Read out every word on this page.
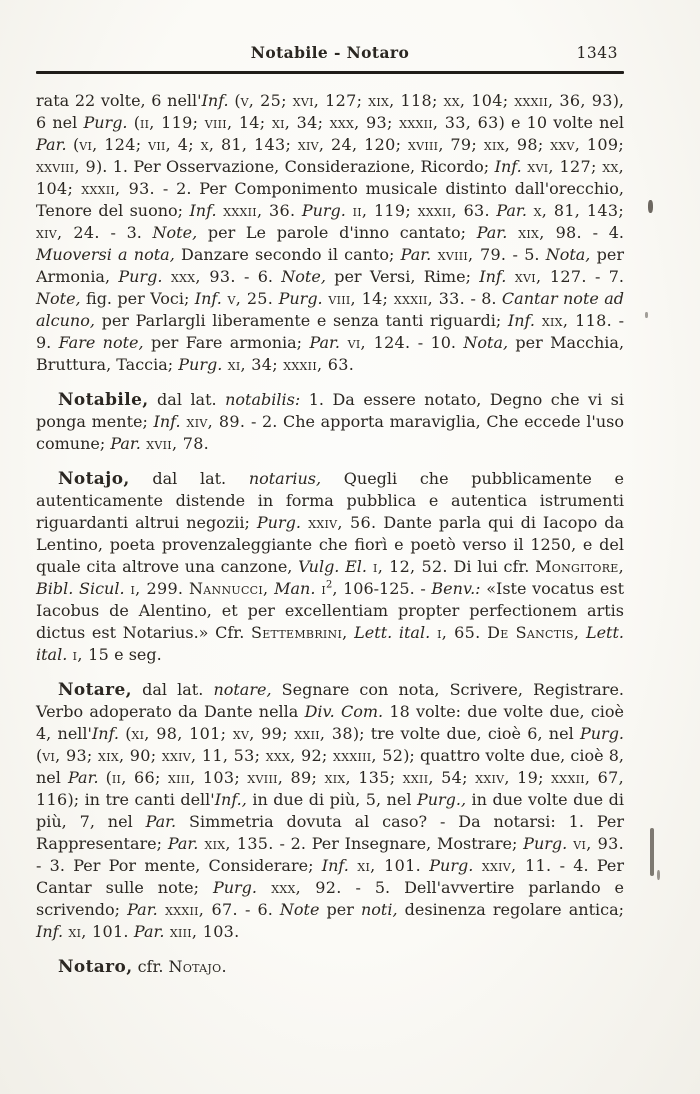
Notabile - Notaro	1343

rata 22 volte, 6 nell'Inf. (v, 25; xvi, 127; xix, 118; xx, 104; xxxii, 36, 93), 6 nel Purg. (ii, 119; viii, 14; xi, 34; xxx, 93; xxxii, 33, 63) e 10 volte nel Par. (vi, 124; vii, 4; x, 81, 143; xiv, 24, 120; xviii, 79; xix, 98; xxv, 109; xxviii, 9). 1. Per Osservazione, Considerazione, Ricordo; Inf. xvi, 127; xx, 104; xxxii, 93. - 2. Per Componimento musicale distinto dall'orecchio, Tenore del suono; Inf. xxxii, 36. Purg. ii, 119; xxxii, 63. Par. x, 81, 143; xiv, 24. - 3. Note, per Le parole d'inno cantato; Par. xix, 98. - 4. Muoversi a nota, Danzare secondo il canto; Par. xviii, 79. - 5. Nota, per Armonia, Purg. xxx, 93. - 6. Note, per Versi, Rime; Inf. xvi, 127. - 7. Note, fig. per Voci; Inf. v, 25. Purg. viii, 14; xxxii, 33. - 8. Cantar note ad alcuno, per Parlargli liberamente e senza tanti riguardi; Inf. xix, 118. - 9. Fare note, per Fare armonia; Par. vi, 124. - 10. Nota, per Macchia, Bruttura, Taccia; Purg. xi, 34; xxxii, 63.

Notabile, dal lat. notabilis: 1. Da essere notato, Degno che vi si ponga mente; Inf. xiv, 89. - 2. Che apporta maraviglia, Che eccede l'uso comune; Par. xvii, 78.

Notajo, dal lat. notarius, Quegli che pubblicamente e autenticamente distende in forma pubblica e autentica istrumenti riguardanti altrui negozii; Purg. xxiv, 56. Dante parla qui di Iacopo da Lentino, poeta provenzaleggiante che fiorì e poetò verso il 1250, e del quale cita altrove una canzone, Vulg. El. i, 12, 52. Di lui cfr. Mongitore, Bibl. Sicul. i, 299. Nannucci, Man. $i^2$, 106-125. - Benv.: «Iste vocatus est Iacobus de Alentino, et per excellentiam propter perfectionem artis dictus est Notarius.» Cfr. Settembrini, Lett. ital. i, 65. De Sanctis, Lett. ital. i, 15 e seg.

Notare, dal lat. notare, Segnare con nota, Scrivere, Registrare. Verbo adoperato da Dante nella Div. Com. 18 volte: due volte due, cioè 4, nell'Inf. (xi, 98, 101; xv, 99; xxii, 38); tre volte due, cioè 6, nel Purg. (vi, 93; xix, 90; xxiv, 11, 53; xxx, 92; xxxiii, 52); quattro volte due, cioè 8, nel Par. (ii, 66; xiii, 103; xviii, 89; xix, 135; xxii, 54; xxiv, 19; xxxii, 67, 116); in tre canti dell'Inf., in due di più, 5, nel Purg., in due volte due di più, 7, nel Par. Simmetria dovuta al caso? - Da notarsi: 1. Per Rappresentare; Par. xix, 135. - 2. Per Insegnare, Mostrare; Purg. vi, 93. - 3. Per Por mente, Considerare; Inf. xi, 101. Purg. xxiv, 11. - 4. Per Cantar sulle note; Purg. xxx, 92. - 5. Dell'avvertire parlando e scrivendo; Par. xxxii, 67. - 6. Note per noti, desinenza regolare antica; Inf. xi, 101. Par. xiii, 103.

Notaro, cfr. Notajo.
